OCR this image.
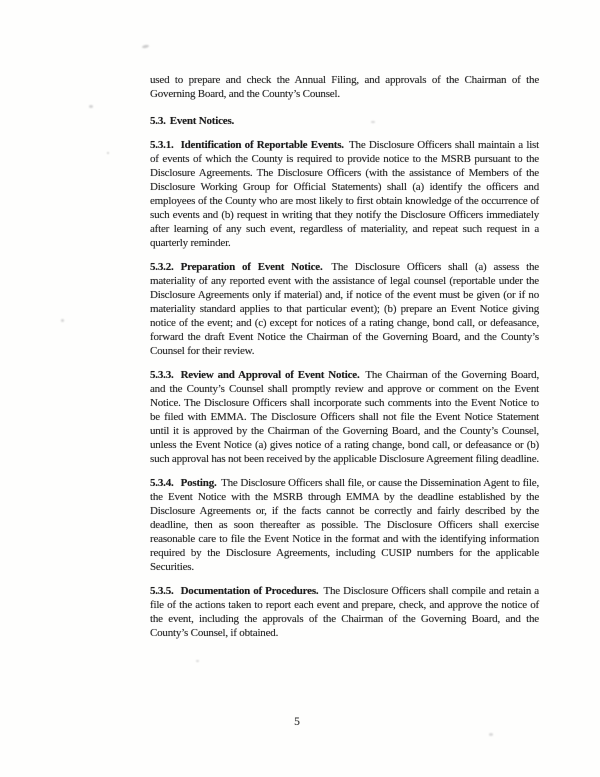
used to prepare and check the Annual Filing, and approvals of the Chairman of the Governing Board, and the County’s Counsel.

5.3. Event Notices.

5.3.1. Identification of Reportable Events. The Disclosure Officers shall maintain a list of events of which the County is required to provide notice to the MSRB pursuant to the Disclosure Agreements. The Disclosure Officers (with the assistance of Members of the Disclosure Working Group for Official Statements) shall (a) identify the officers and employees of the County who are most likely to first obtain knowledge of the occurrence of such events and (b) request in writing that they notify the Disclosure Officers immediately after learning of any such event, regardless of materiality, and repeat such request in a quarterly reminder.

5.3.2. Preparation of Event Notice. The Disclosure Officers shall (a) assess the materiality of any reported event with the assistance of legal counsel (reportable under the Disclosure Agreements only if material) and, if notice of the event must be given (or if no materiality standard applies to that particular event); (b) prepare an Event Notice giving notice of the event; and (c) except for notices of a rating change, bond call, or defeasance, forward the draft Event Notice the Chairman of the Governing Board, and the County’s Counsel for their review.

5.3.3. Review and Approval of Event Notice. The Chairman of the Governing Board, and the County’s Counsel shall promptly review and approve or comment on the Event Notice. The Disclosure Officers shall incorporate such comments into the Event Notice to be filed with EMMA. The Disclosure Officers shall not file the Event Notice Statement until it is approved by the Chairman of the Governing Board, and the County’s Counsel, unless the Event Notice (a) gives notice of a rating change, bond call, or defeasance or (b) such approval has not been received by the applicable Disclosure Agreement filing deadline.

5.3.4. Posting. The Disclosure Officers shall file, or cause the Dissemination Agent to file, the Event Notice with the MSRB through EMMA by the deadline established by the Disclosure Agreements or, if the facts cannot be correctly and fairly described by the deadline, then as soon thereafter as possible. The Disclosure Officers shall exercise reasonable care to file the Event Notice in the format and with the identifying information required by the Disclosure Agreements, including CUSIP numbers for the applicable Securities.

5.3.5. Documentation of Procedures. The Disclosure Officers shall compile and retain a file of the actions taken to report each event and prepare, check, and approve the notice of the event, including the approvals of the Chairman of the Governing Board, and the County’s Counsel, if obtained.

5
